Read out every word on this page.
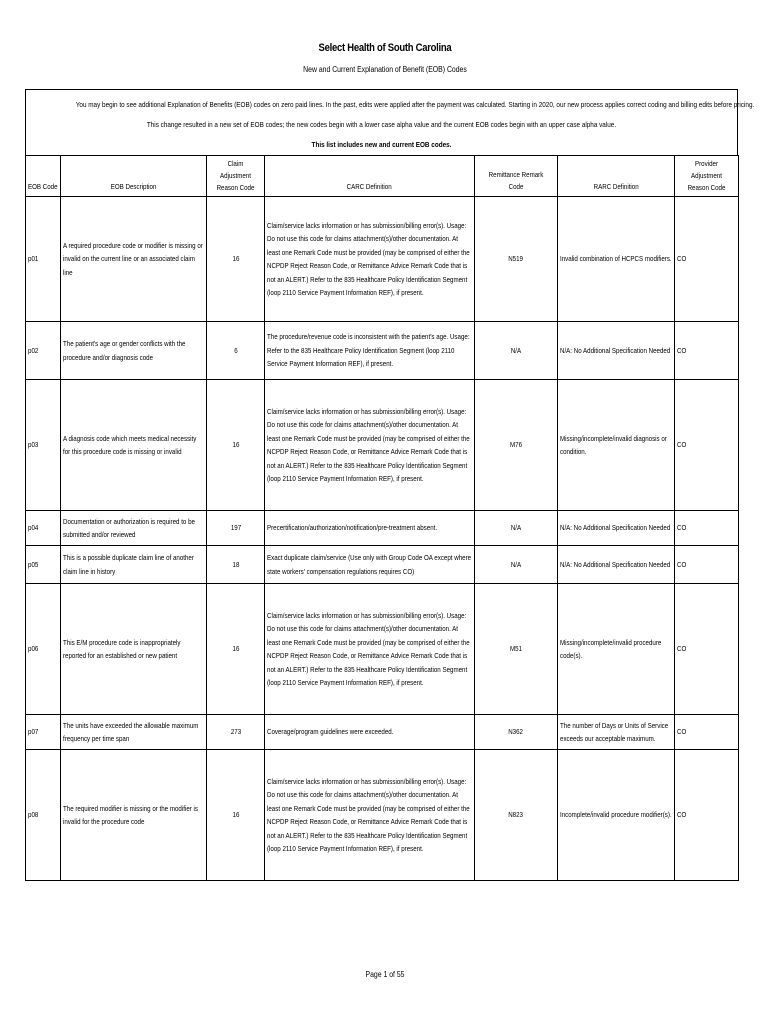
Select Health of South Carolina
New and Current Explanation of Benefit (EOB) Codes
You may begin to see additional Explanation of Benefits (EOB) codes on zero paid lines. In the past, edits were applied after the payment was calculated. Starting in 2020, our new process applies correct coding and billing edits before pricing.
This change resulted in a new set of EOB codes; the new codes begin with a lower case alpha value and the current EOB codes begin with an upper case alpha value.
This list includes new and current EOB codes.
EOB Code	EOB Description	Claim Adjustment Reason Code	CARC Definition	Remittance Remark Code	RARC Definition	Provider Adjustment Reason Code
p01	A required procedure code or modifier is missing or invalid on the current line or an associated claim line	16	Claim/service lacks information or has submission/billing error(s). Usage: Do not use this code for claims attachment(s)/other documentation. At least one Remark Code must be provided (may be comprised of either the NCPDP Reject Reason Code, or Remittance Advice Remark Code that is not an ALERT.) Refer to the 835 Healthcare Policy Identification Segment (loop 2110 Service Payment Information REF), if present.	N519	Invalid combination of HCPCS modifiers.	CO
p02	The patient's age or gender conflicts with the procedure and/or diagnosis code	6	The procedure/revenue code is inconsistent with the patient's age. Usage: Refer to the 835 Healthcare Policy Identification Segment (loop 2110 Service Payment Information REF), if present.	N/A	N/A: No Additional Specification Needed	CO
p03	A diagnosis code which meets medical necessity for this procedure code is missing or invalid	16	Claim/service lacks information or has submission/billing error(s). Usage: Do not use this code for claims attachment(s)/other documentation. At least one Remark Code must be provided (may be comprised of either the NCPDP Reject Reason Code, or Remittance Advice Remark Code that is not an ALERT.) Refer to the 835 Healthcare Policy Identification Segment (loop 2110 Service Payment Information REF), if present.	M76	Missing/incomplete/invalid diagnosis or condition.	CO
p04	Documentation or authorization is required to be submitted and/or reviewed	197	Precertification/authorization/notification/pre-treatment absent.	N/A	N/A: No Additional Specification Needed	CO
p05	This is a possible duplicate claim line of another claim line in history	18	Exact duplicate claim/service (Use only with Group Code OA except where state workers' compensation regulations requires CO)	N/A	N/A: No Additional Specification Needed	CO
p06	This E/M procedure code is inappropriately reported for an established or new patient	16	Claim/service lacks information or has submission/billing error(s). Usage: Do not use this code for claims attachment(s)/other documentation. At least one Remark Code must be provided (may be comprised of either the NCPDP Reject Reason Code, or Remittance Advice Remark Code that is not an ALERT.) Refer to the 835 Healthcare Policy Identification Segment (loop 2110 Service Payment Information REF), if present.	M51	Missing/incomplete/invalid procedure code(s).	CO
p07	The units have exceeded the allowable maximum frequency per time span	273	Coverage/program guidelines were exceeded.	N362	The number of Days or Units of Service exceeds our acceptable maximum.	CO
p08	The required modifier is missing or the modifier is invalid for the procedure code	16	Claim/service lacks information or has submission/billing error(s). Usage: Do not use this code for claims attachment(s)/other documentation. At least one Remark Code must be provided (may be comprised of either the NCPDP Reject Reason Code, or Remittance Advice Remark Code that is not an ALERT.) Refer to the 835 Healthcare Policy Identification Segment (loop 2110 Service Payment Information REF), if present.	N823	Incomplete/invalid procedure modifier(s).	CO
Page 1 of 55
